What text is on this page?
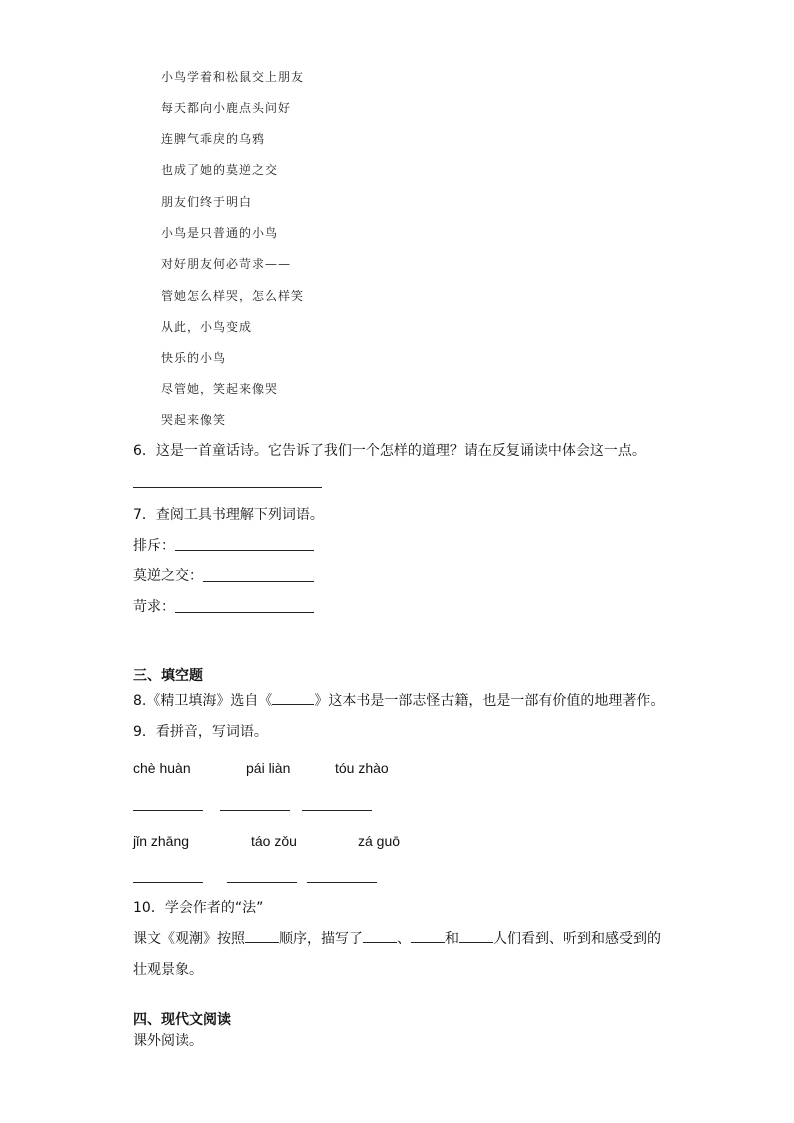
小鸟学着和松鼠交上朋友
每天都向小鹿点头问好
连脾气乖戾的乌鸦
也成了她的莫逆之交
朋友们终于明白
小鸟是只普通的小鸟
对好朋友何必苛求——
管她怎么样哭，怎么样笑
从此，小鸟变成
快乐的小鸟
尽管她，笑起来像哭
哭起来像笑
6．这是一首童话诗。它告诉了我们一个怎样的道理？请在反复诵读中体会这一点。
7．查阅工具书理解下列词语。
排斥：
莫逆之交：
苛求：
三、填空题
8.《精卫填海》选自《	》这本书是一部志怪古籍，也是一部有价值的地理著作。
9．看拼音，写词语。
chè huàn	pái liàn	tóu zhào
jǐn zhāng	táo zǒu	zá guō
10．学会作者的“法”
课文《观潮》按照 顺序，描写了 、 和 人们看到、听到和感受到的
壮观景象。
四、现代文阅读
课外阅读。
